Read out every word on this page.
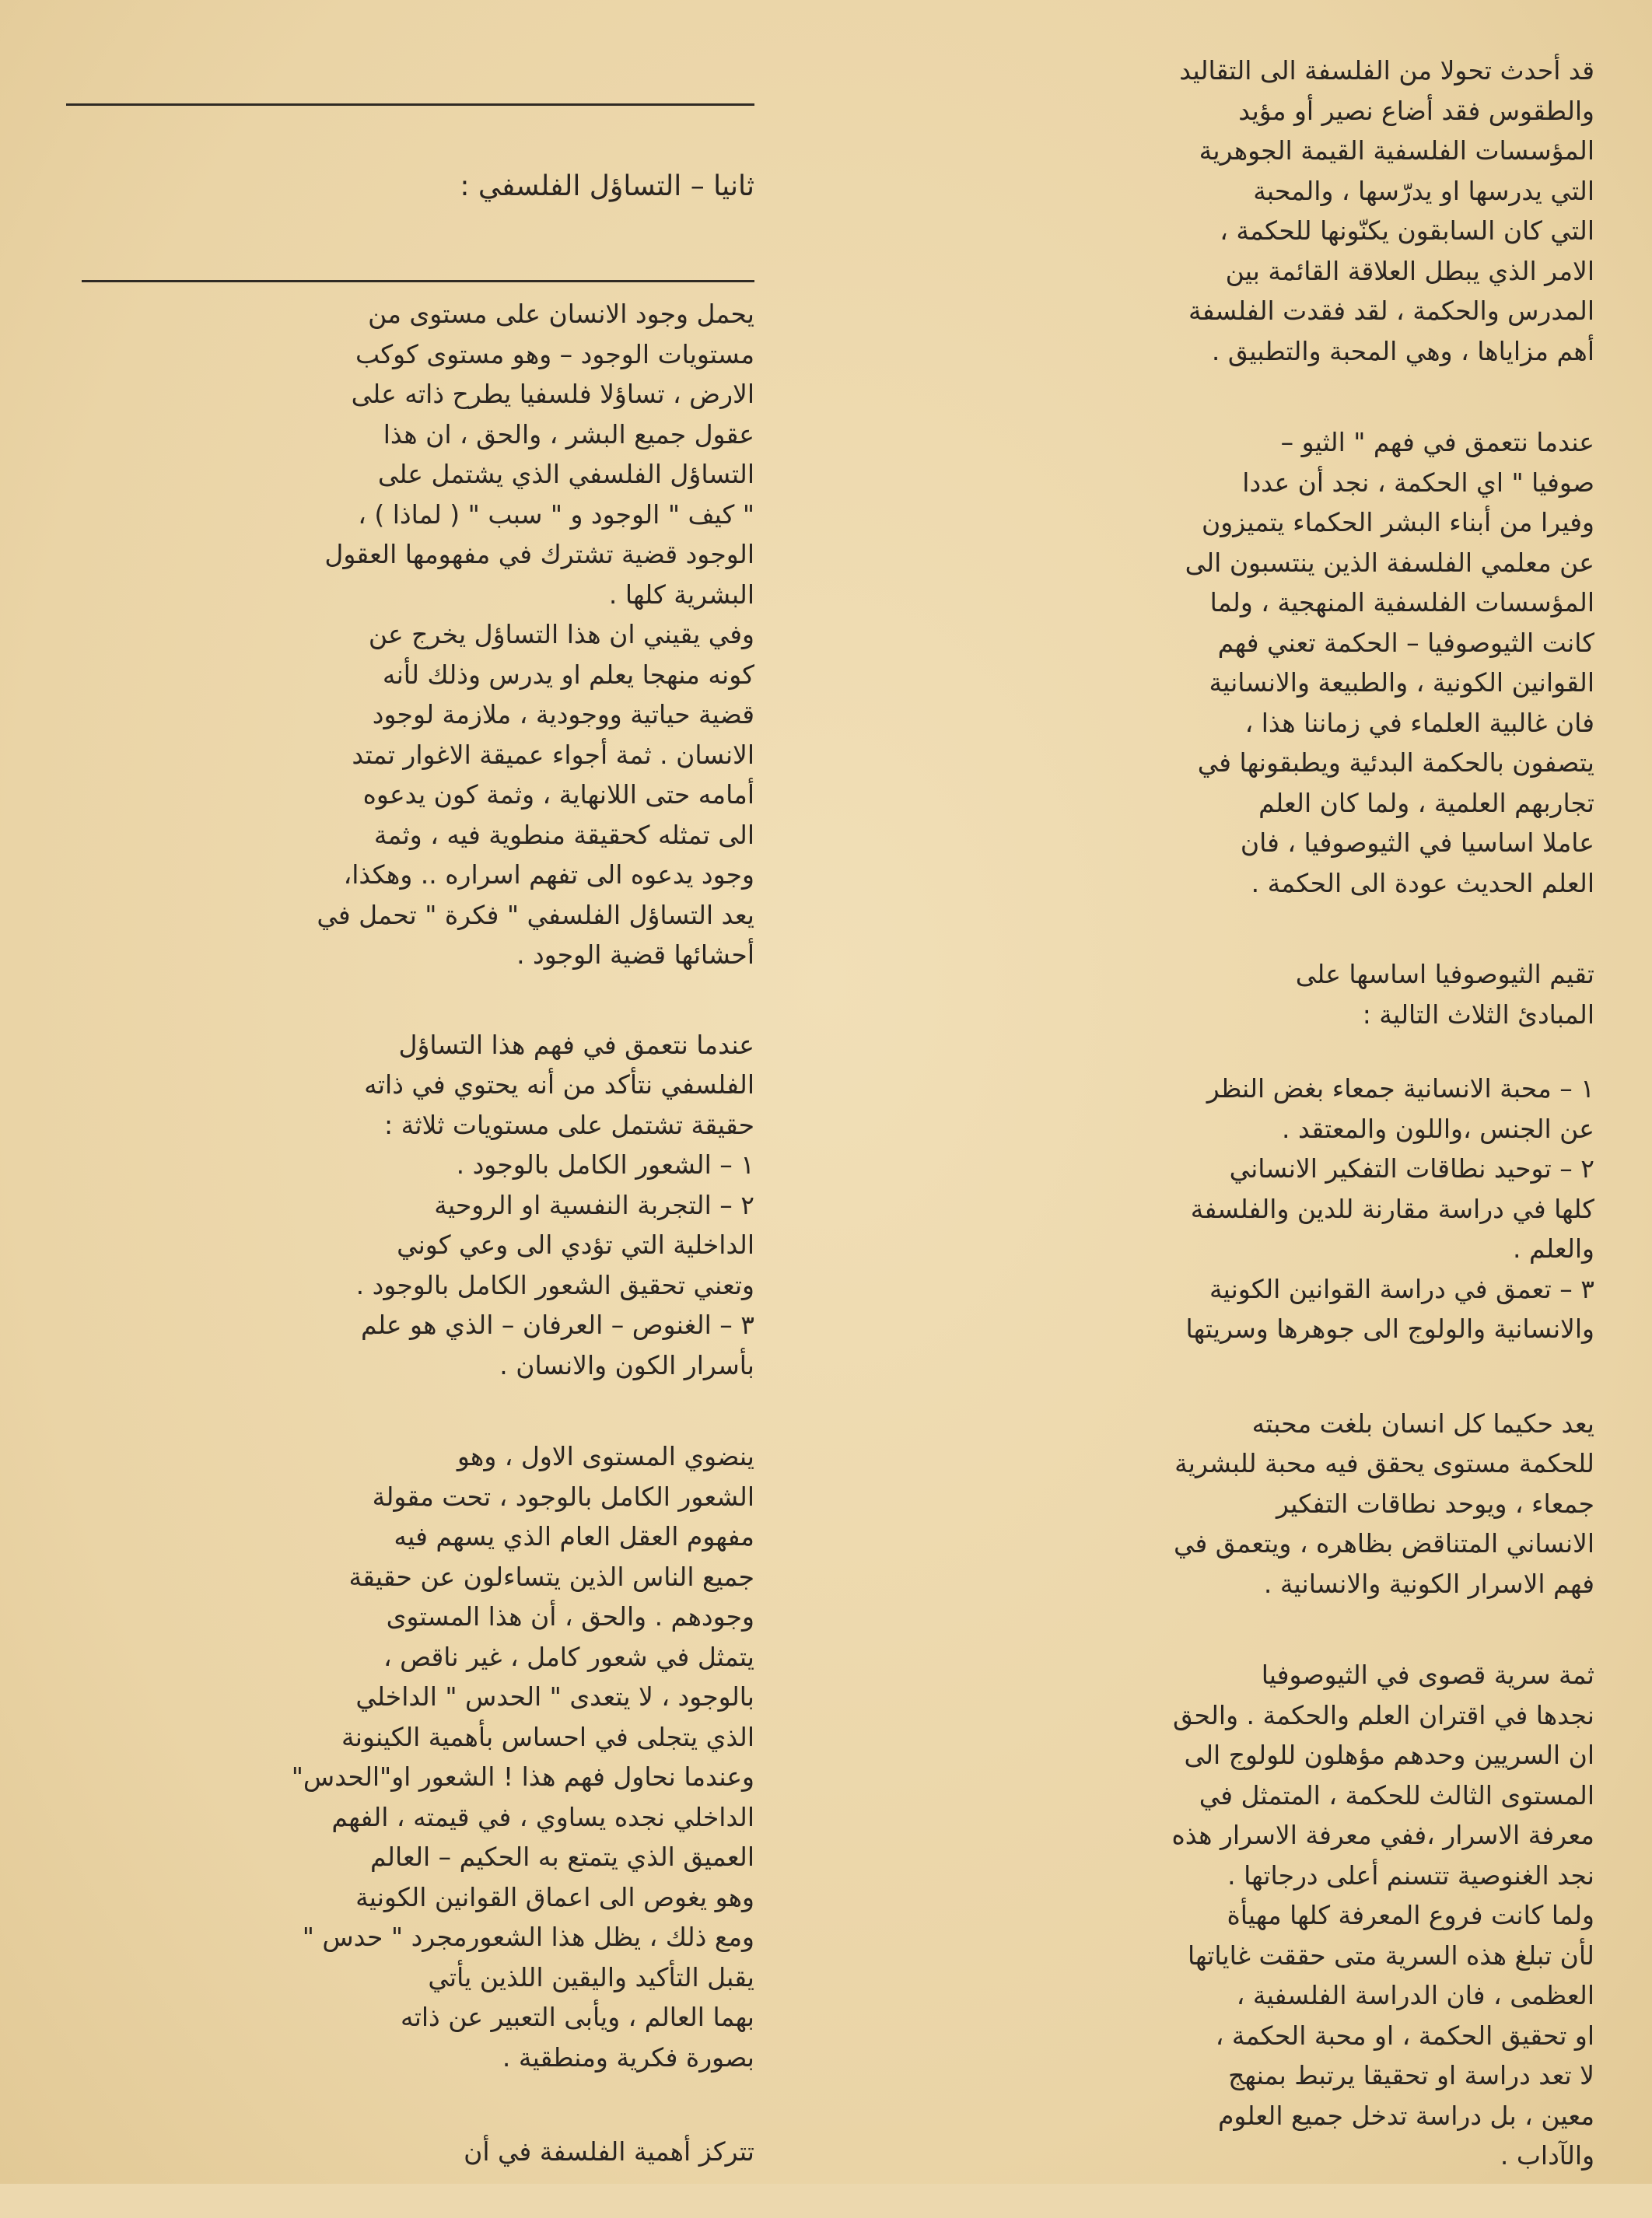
قد أحدث تحولا من الفلسفة الى التقاليد
والطقوس فقد أضاع نصير أو مؤيد
المؤسسات الفلسفية القيمة الجوهرية
التي يدرسها او يدرّسها ، والمحبة
التي كان السابقون يكنّونها للحكمة ،
الامر الذي يبطل العلاقة القائمة بين
المدرس والحكمة ، لقد فقدت الفلسفة
أهم مزاياها ، وهي المحبة والتطبيق .

عندما نتعمق في فهم " الثيو –
صوفيا " اي الحكمة ، نجد أن عددا
وفيرا من أبناء البشر الحكماء يتميزون
عن معلمي الفلسفة الذين ينتسبون الى
المؤسسات الفلسفية المنهجية ، ولما
كانت الثيوصوفيا – الحكمة تعني فهم
القوانين الكونية ، والطبيعة والانسانية
فان غالبية العلماء في زماننا هذا ،
يتصفون بالحكمة البدئية ويطبقونها في
تجاربهم العلمية ، ولما كان العلم
عاملا اساسيا في الثيوصوفيا ، فان
العلم الحديث عودة الى الحكمة .

تقيم الثيوصوفيا اساسها على
المبادئ الثلاث التالية :

١ – محبة الانسانية جمعاء بغض النظر
عن الجنس ،واللون والمعتقد .
٢ – توحيد نطاقات التفكير الانساني
كلها في دراسة مقارنة للدين والفلسفة
والعلم .
٣ – تعمق في دراسة القوانين الكونية
والانسانية والولوج الى جوهرها وسريتها

يعد حكيما كل انسان بلغت محبته
للحكمة مستوى يحقق فيه محبة للبشرية
جمعاء ، ويوحد نطاقات التفكير
الانساني المتناقض بظاهره ، ويتعمق في
فهم الاسرار الكونية والانسانية .

ثمة سرية قصوى في الثيوصوفيا
نجدها في اقتران العلم والحكمة . والحق
ان السريين وحدهم مؤهلون للولوج الى
المستوى الثالث للحكمة ، المتمثل في
معرفة الاسرار ،ففي معرفة الاسرار هذه
نجد الغنوصية تتسنم أعلى درجاتها .
ولما كانت فروع المعرفة كلها مهيأة
لأن تبلغ هذه السرية متى حققت غاياتها
العظمى ، فان الدراسة الفلسفية ،
او تحقيق الحكمة ، او محبة الحكمة ،
لا تعد دراسة او تحقيقا يرتبط بمنهج
معين ، بل دراسة تدخل جميع العلوم
والآداب .

ثانيا – التساؤل الفلسفي :

يحمل وجود الانسان على مستوى من
مستويات الوجود – وهو مستوى كوكب
الارض ، تساؤلا فلسفيا يطرح ذاته على
عقول جميع البشر ، والحق ، ان هذا
التساؤل الفلسفي الذي يشتمل على
" كيف " الوجود و " سبب " ( لماذا ) ،
الوجود قضية تشترك في مفهومها العقول
البشرية كلها .
وفي يقيني ان هذا التساؤل يخرج عن
كونه منهجا يعلم او يدرس وذلك لأنه
قضية حياتية ووجودية ، ملازمة لوجود
الانسان . ثمة أجواء عميقة الاغوار تمتد
أمامه حتى اللانهاية ، وثمة كون يدعوه
الى تمثله كحقيقة منطوية فيه ، وثمة
وجود يدعوه الى تفهم اسراره .. وهكذا،
يعد التساؤل الفلسفي " فكرة " تحمل في
أحشائها قضية الوجود .

عندما نتعمق في فهم هذا التساؤل
الفلسفي نتأكد من أنه يحتوي في ذاته
حقيقة تشتمل على مستويات ثلاثة :
١ – الشعور الكامل بالوجود .
٢ – التجربة النفسية او الروحية
الداخلية التي تؤدي الى وعي كوني
وتعني تحقيق الشعور الكامل بالوجود .
٣ – الغنوص – العرفان – الذي هو علم
بأسرار الكون والانسان .

ينضوي المستوى الاول ، وهو
الشعور الكامل بالوجود ، تحت مقولة
مفهوم العقل العام الذي يسهم فيه
جميع الناس الذين يتساءلون عن حقيقة
وجودهم . والحق ، أن هذا المستوى
يتمثل في شعور كامل ، غير ناقص ،
بالوجود ، لا يتعدى " الحدس " الداخلي
الذي يتجلى في احساس بأهمية الكينونة
وعندما نحاول فهم هذا ! الشعور او"الحدس"
الداخلي نجده يساوي ، في قيمته ، الفهم
العميق الذي يتمتع به الحكيم – العالم
وهو يغوص الى اعماق القوانين الكونية
ومع ذلك ، يظل هذا الشعورمجرد " حدس "
يقبل التأكيد واليقين اللذين يأتي
بهما العالم ، ويأبى التعبير عن ذاته
بصورة فكرية ومنطقية .

تتركز أهمية الفلسفة في أن
